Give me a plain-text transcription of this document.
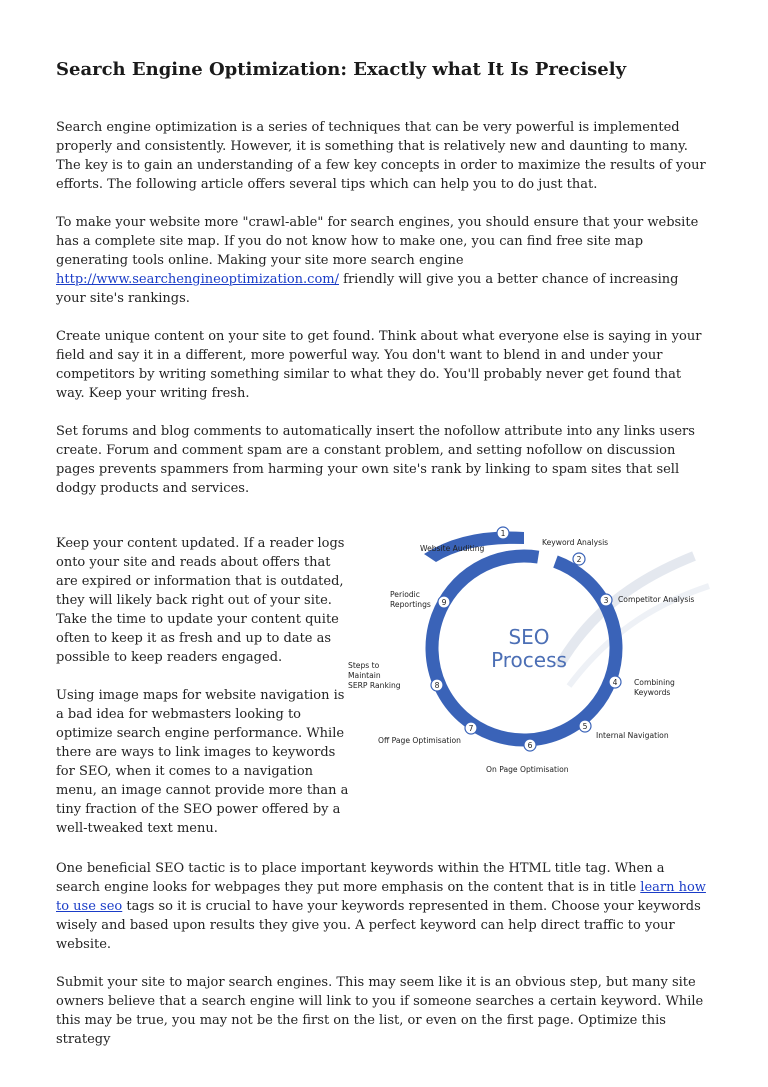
Search Engine Optimization: Exactly what It Is Precisely

Search engine optimization is a series of techniques that can be very powerful is implemented properly and consistently. However, it is something that is relatively new and daunting to many. The key is to gain an understanding of a few key concepts in order to maximize the results of your efforts. The following article offers several tips which can help you to do just that.

To make your website more "crawl-able" for search engines, you should ensure that your website has a complete site map. If you do not know how to make one, you can find free site map generating tools online. Making your site more search engine http://www.searchengineoptimization.com/ friendly will give you a better chance of increasing your site's rankings.

Create unique content on your site to get found. Think about what everyone else is saying in your field and say it in a different, more powerful way. You don't want to blend in and under your competitors by writing something similar to what they do. You'll probably never get found that way. Keep your writing fresh.

Set forums and blog comments to automatically insert the nofollow attribute into any links users create. Forum and comment spam are a constant problem, and setting nofollow on discussion pages prevents spammers from harming your own site's rank by linking to spam sites that sell dodgy products and services.

Keep your content updated. If a reader logs onto your site and reads about offers that are expired or information that is outdated, they will likely back right out of your site. Take the time to update your content quite often to keep it as fresh and up to date as possible to keep readers engaged.

Using image maps for website navigation is a bad idea for webmasters looking to optimize search engine performance. While there are ways to link images to keywords for SEO, when it comes to a navigation menu, an image cannot provide more than a tiny fraction of the SEO power offered by a well-tweaked text menu.

SEO
Process
1
2
3
4
5
6
7
8
9
Website Auditing
Keyword Analysis
Competitor Analysis
Combining
Keywords
Internal Navigation
On Page Optimisation
Off Page Optimisation
Steps to
Maintain
SERP Ranking
Periodic
Reportings

One beneficial SEO tactic is to place important keywords within the HTML title tag. When a search engine looks for webpages they put more emphasis on the content that is in title learn how to use seo tags so it is crucial to have your keywords represented in them. Choose your keywords wisely and based upon results they give you. A perfect keyword can help direct traffic to your website.

Submit your site to major search engines. This may seem like it is an obvious step, but many site owners believe that a search engine will link to you if someone searches a certain keyword. While this may be true, you may not be the first on the list, or even on the first page. Optimize this strategy
